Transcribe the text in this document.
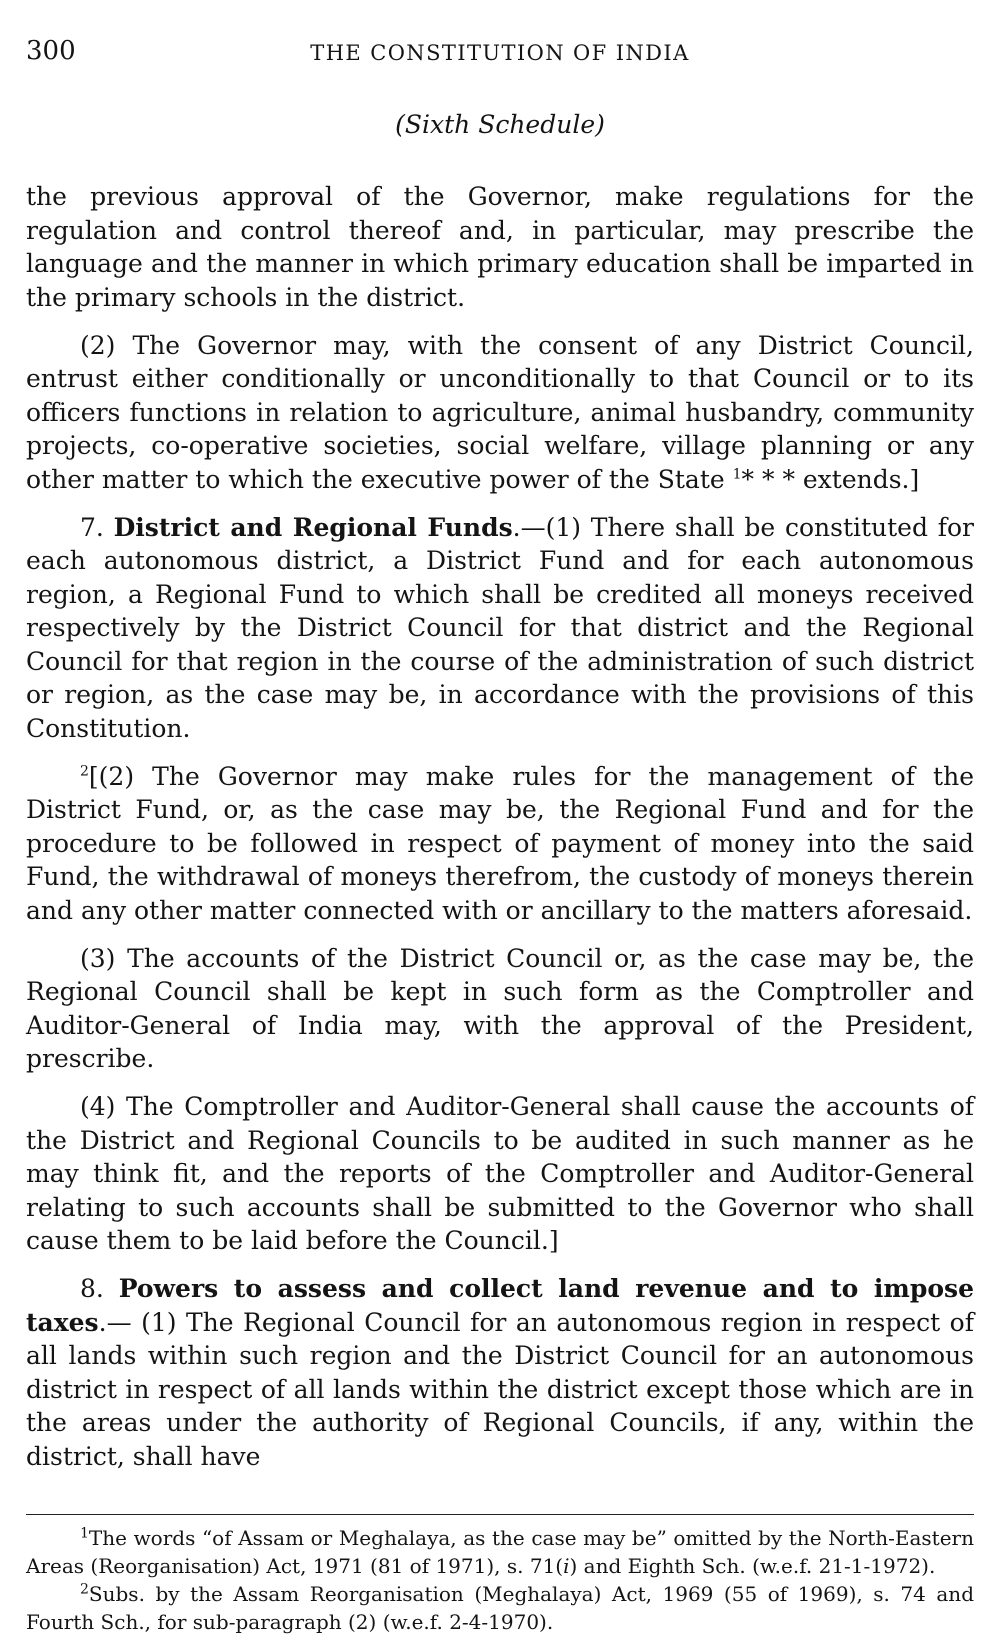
300	THE CONSTITUTION OF INDIA
(Sixth Schedule)

the previous approval of the Governor, make regulations for the regulation and control thereof and, in particular, may prescribe the language and the manner in which primary education shall be imparted in the primary schools in the district.

(2) The Governor may, with the consent of any District Council, entrust either conditionally or unconditionally to that Council or to its officers functions in relation to agriculture, animal husbandry, community projects, co-operative societies, social welfare, village planning or any other matter to which the executive power of the State $^1$* * * extends.]

7. District and Regional Funds.—(1) There shall be constituted for each autonomous district, a District Fund and for each autonomous region, a Regional Fund to which shall be credited all moneys received respectively by the District Council for that district and the Regional Council for that region in the course of the administration of such district or region, as the case may be, in accordance with the provisions of this Constitution.

$^2$[(2) The Governor may make rules for the management of the District Fund, or, as the case may be, the Regional Fund and for the procedure to be followed in respect of payment of money into the said Fund, the withdrawal of moneys therefrom, the custody of moneys therein and any other matter connected with or ancillary to the matters aforesaid.

(3) The accounts of the District Council or, as the case may be, the Regional Council shall be kept in such form as the Comptroller and Auditor-General of India may, with the approval of the President, prescribe.

(4) The Comptroller and Auditor-General shall cause the accounts of the District and Regional Councils to be audited in such manner as he may think fit, and the reports of the Comptroller and Auditor-General relating to such accounts shall be submitted to the Governor who shall cause them to be laid before the Council.]

8. Powers to assess and collect land revenue and to impose taxes.— (1) The Regional Council for an autonomous region in respect of all lands within such region and the District Council for an autonomous district in respect of all lands within the district except those which are in the areas under the authority of Regional Councils, if any, within the district, shall have

$^1$The words “of Assam or Meghalaya, as the case may be” omitted by the North-Eastern Areas (Reorganisation) Act, 1971 (81 of 1971), s. 71(i) and Eighth Sch. (w.e.f. 21-1-1972).

$^2$Subs. by the Assam Reorganisation (Meghalaya) Act, 1969 (55 of 1969), s. 74 and Fourth Sch., for sub-paragraph (2) (w.e.f. 2-4-1970).
